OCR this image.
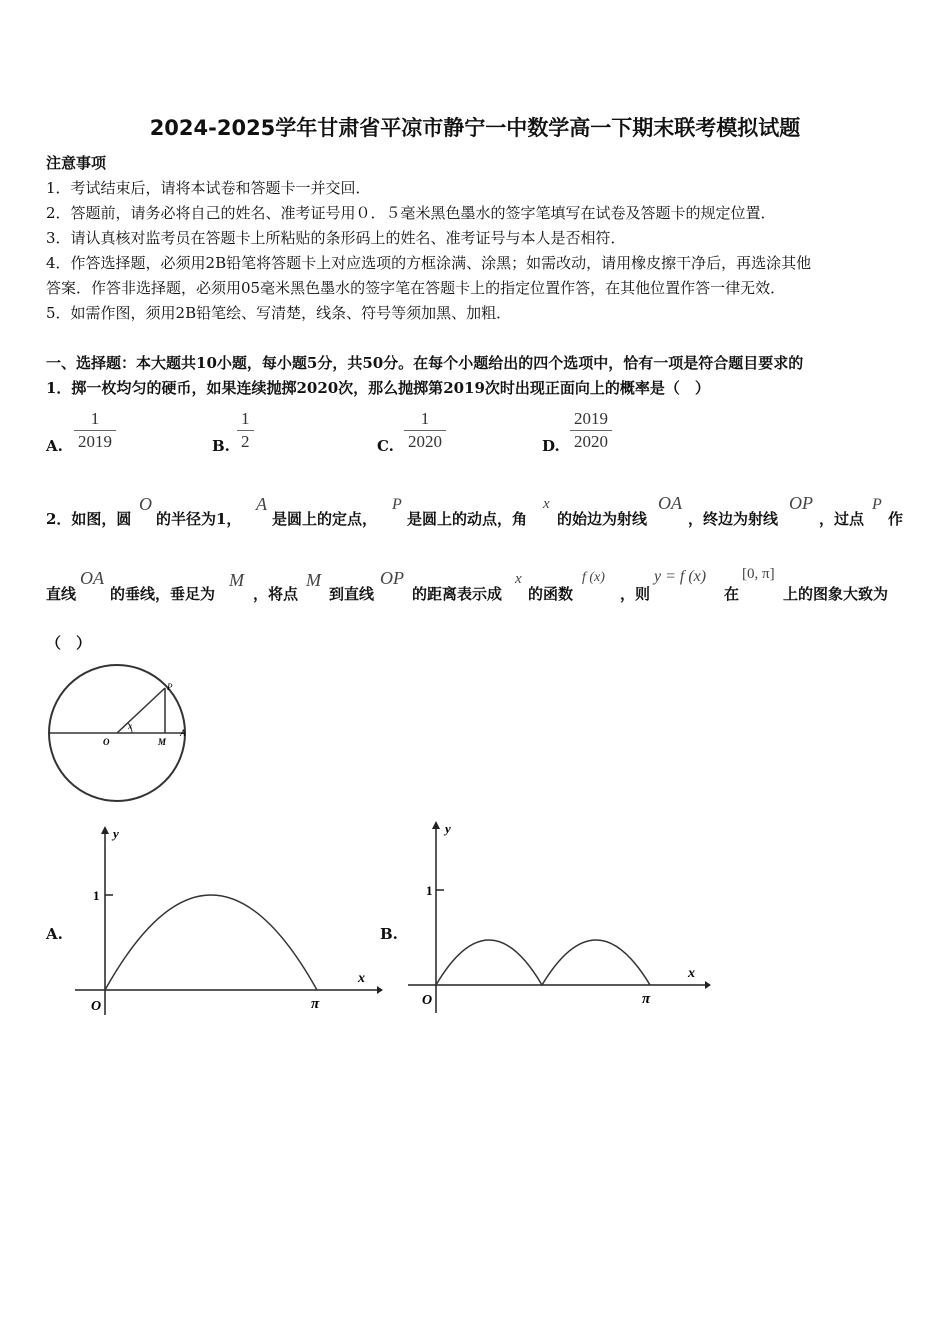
2024-2025学年甘肃省平凉市静宁一中数学高一下期末联考模拟试题
注意事项
1．考试结束后，请将本试卷和答题卡一并交回．
2．答题前，请务必将自己的姓名、准考证号用０．５毫米黑色墨水的签字笔填写在试卷及答题卡的规定位置．
3．请认真核对监考员在答题卡上所粘贴的条形码上的姓名、准考证号与本人是否相符．
4．作答选择题，必须用2B铅笔将答题卡上对应选项的方框涂满、涂黑；如需改动，请用橡皮擦干净后，再选涂其他
答案．作答非选择题，必须用05毫米黑色墨水的签字笔在答题卡上的指定位置作答，在其他位置作答一律无效．
5．如需作图，须用2B铅笔绘、写清楚，线条、符号等须加黑、加粗．
一、选择题：本大题共10小题，每小题5分，共50分。在每个小题给出的四个选项中，恰有一项是符合题目要求的
1．掷一枚均匀的硬币，如果连续抛掷2020次，那么抛掷第2019次时出现正面向上的概率是（　）
A. $\frac{1}{2019}$	B. $\frac{1}{2}$	C. $\frac{1}{2020}$	D. $\frac{2019}{2020}$
2．如图，圆
O
的半径为1，
A
是圆上的定点，
P
是圆上的动点，角
x
的始边为射线
OA
，终边为射线
OP
，过点
P
作
直线
OA
的垂线，垂足为
M
，将点
M
到直线
OP
的距离表示成
x
的函数
f (x)
，则
y = f (x)
在
[0, π]
上的图象大致为
（　）
P
x
O	M
A
A.
y
1
x
O	π
B.
y
1
x
O	π
